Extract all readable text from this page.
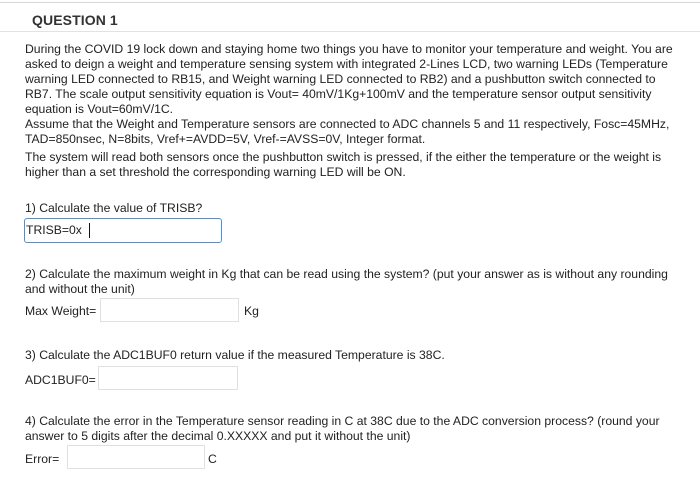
QUESTION 1
During the COVID 19 lock down and staying home two things you have to monitor your temperature and weight. You are asked to deign a weight and temperature sensing system with integrated 2-Lines LCD, two warning LEDs (Temperature warning LED connected to RB15, and Weight warning LED connected to RB2) and a pushbutton switch connected to RB7. The scale output sensitivity equation is Vout= 40mV/1Kg+100mV and the temperature sensor output sensitivity equation is Vout=60mV/1C.
Assume that the Weight and Temperature sensors are connected to ADC channels 5 and 11 respectively, Fosc=45MHz, TAD=850nsec, N=8bits, Vref+=AVDD=5V, Vref-=AVSS=0V, Integer format.
The system will read both sensors once the pushbutton switch is pressed, if the either the temperature or the weight is higher than a set threshold the corresponding warning LED will be ON.
1) Calculate the value of TRISB?
TRISB=0x
2) Calculate the maximum weight in Kg that can be read using the system? (put your answer as is without any rounding and without the unit)
Max Weight=	Kg
3) Calculate the ADC1BUF0 return value if the measured Temperature is 38C.
ADC1BUF0=
4) Calculate the error in the Temperature sensor reading in C at 38C due to the ADC conversion process? (round your answer to 5 digits after the decimal 0.XXXXX and put it without the unit)
Error=	C
